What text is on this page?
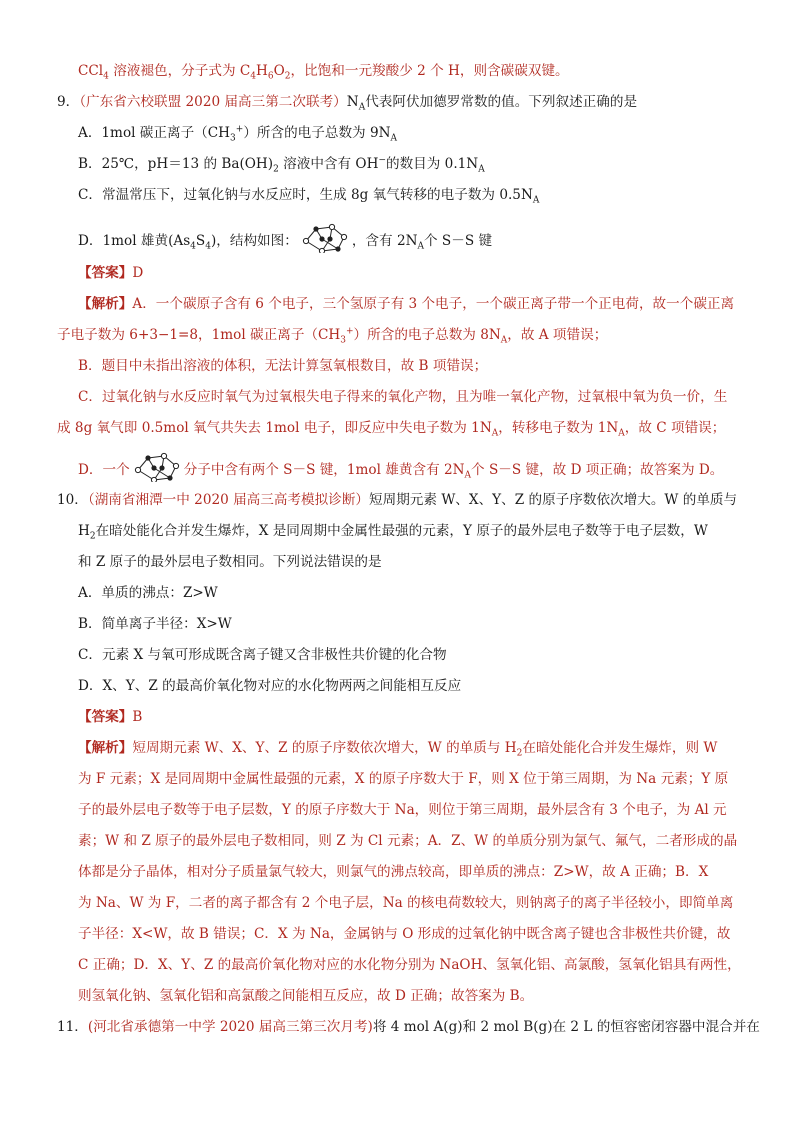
CCl$_4$ 溶液褪色，分子式为 $C_4H_6O_2$，比饱和一元羧酸少 2 个 H，则含碳碳双键。
9．（广东省六校联盟 2020 届高三第二次联考）$N_A$代表阿伏加德罗常数的值。下列叙述正确的是
A．1mol 碳正离子$(CH_3^+)$所含的电子总数为 $9N_A$
B．25℃，pH＝13 的 $Ba(OH)_2$ 溶液中含有 OH−的数目为 $0.1N_A$
C．常温常压下，过氧化钠与水反应时，生成 8g 氧气转移的电子数为 $0.5N_A$
D．1mol 雄黄$(As_4S_4)$，结构如图：	，含有 $2N_A$个 S－S 键
【答案】D
【解析】A．一个碳原子含有 6 个电子，三个氢原子有 3 个电子，一个碳正离子带一个正电荷，故一个碳正离
子电子数为 6+3−1=8，1mol 碳正离子$(CH_3^+)$所含的电子总数为 $8N_A$，故 A 项错误；
B．题目中未指出溶液的体积，无法计算氢氧根数目，故 B 项错误；
C．过氧化钠与水反应时氧气为过氧根失电子得来的氧化产物，且为唯一氧化产物，过氧根中氧为负一价，生
成 8g 氧气即 0.5mol 氧气共失去 1mol 电子，即反应中失电子数为 $1N_A$，转移电子数为 $1N_A$，故 C 项错误；
D．一个	分子中含有两个 S－S 键，1mol 雄黄含有 $2N_A$个 S－S 键，故 D 项正确；故答案为 D。
10．（湖南省湘潭一中 2020 届高三高考模拟诊断）短周期元素 W、X、Y、Z 的原子序数依次增大。W 的单质与
$H_2$在暗处能化合并发生爆炸，X 是同周期中金属性最强的元素，Y 原子的最外层电子数等于电子层数，W
和 Z 原子的最外层电子数相同。下列说法错误的是
A．单质的沸点：Z>W
B．简单离子半径：X>W
C．元素 X 与氧可形成既含离子键又含非极性共价键的化合物
D．X、Y、Z 的最高价氧化物对应的水化物两两之间能相互反应
【答案】B
【解析】短周期元素 W、X、Y、Z 的原子序数依次增大，W 的单质与 $H_2$在暗处能化合并发生爆炸，则 W
为 F 元素；X 是同周期中金属性最强的元素，X 的原子序数大于 F，则 X 位于第三周期，为 Na 元素；Y 原
子的最外层电子数等于电子层数，Y 的原子序数大于 Na，则位于第三周期，最外层含有 3 个电子，为 Al 元
素；W 和 Z 原子的最外层电子数相同，则 Z 为 Cl 元素；A．Z、W 的单质分别为氯气、氟气，二者形成的晶
体都是分子晶体，相对分子质量氯气较大，则氯气的沸点较高，即单质的沸点：Z>W，故 A 正确；B．X
为 Na、W 为 F，二者的离子都含有 2 个电子层，Na 的核电荷数较大，则钠离子的离子半径较小，即简单离
子半径：X<W，故 B 错误；C．X 为 Na，金属钠与 O 形成的过氧化钠中既含离子键也含非极性共价键，故
C 正确；D．X、Y、Z 的最高价氧化物对应的水化物分别为 NaOH、氢氧化铝、高氯酸，氢氧化铝具有两性，
则氢氧化钠、氢氧化铝和高氯酸之间能相互反应，故 D 正确；故答案为 B。
11．(河北省承德第一中学 2020 届高三第三次月考)将 4 mol A(g)和 2 mol B(g)在 2 L 的恒容密闭容器中混合并在
